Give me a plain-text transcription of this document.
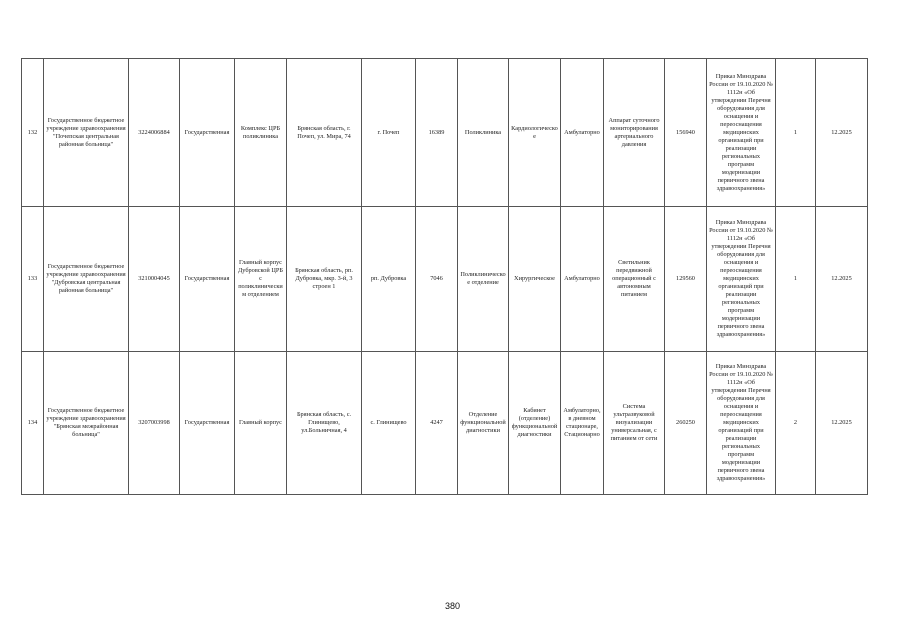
132	Государственное бюджетное учреждение здравоохранения "Почепская центральная районная больница"	3224006884	Государственная	Комплекс ЦРБ поликлиника	Брянская область, г. Почеп, ул. Мира, 74	г. Почеп	16389	Поликлиника	Кардиологическое	Амбулаторно	Аппарат суточного мониторирования артериального давления	156940	Приказ Минздрава России от 19.10.2020 № 1112н «Об утверждении Перечня оборудования для оснащения и переоснащения медицинских организаций при реализации региональных программ модернизации первичного звена здравоохранения»	1	12.2025
133	Государственное бюджетное учреждение здравоохранения "Дубровская центральная районная больница"	3210004045	Государственная	Главный корпус Дубровской ЦРБ с поликлиническим отделением	Брянская область, рп. Дубровка, мкр. 3-й, 3 строен 1	рп. Дубровка	7046	Поликлиническое отделение	Хирургическое	Амбулаторно	Светильник передвижной операционный с автономным питанием	129560	Приказ Минздрава России от 19.10.2020 № 1112н «Об утверждении Перечня оборудования для оснащения и переоснащения медицинских организаций при реализации региональных программ модернизации первичного звена здравоохранения»	1	12.2025
134	Государственное бюджетное учреждение здравоохранения "Брянская межрайонная больница"	3207003998	Государственная	Главный корпус	Брянская область, с. Глинищево, ул.Больничная, 4	с. Глинищево	4247	Отделение функциональной диагностики	Кабинет (отделение) функциональной диагностики	Амбулаторно, в дневном стационаре, Стационарно	Система ультразвуковой визуализации универсальная, с питанием от сети	260250	Приказ Минздрава России от 19.10.2020 № 1112н «Об утверждении Перечня оборудования для оснащения и переоснащения медицинских организаций при реализации региональных программ модернизации первичного звена здравоохранения»	2	12.2025
380
